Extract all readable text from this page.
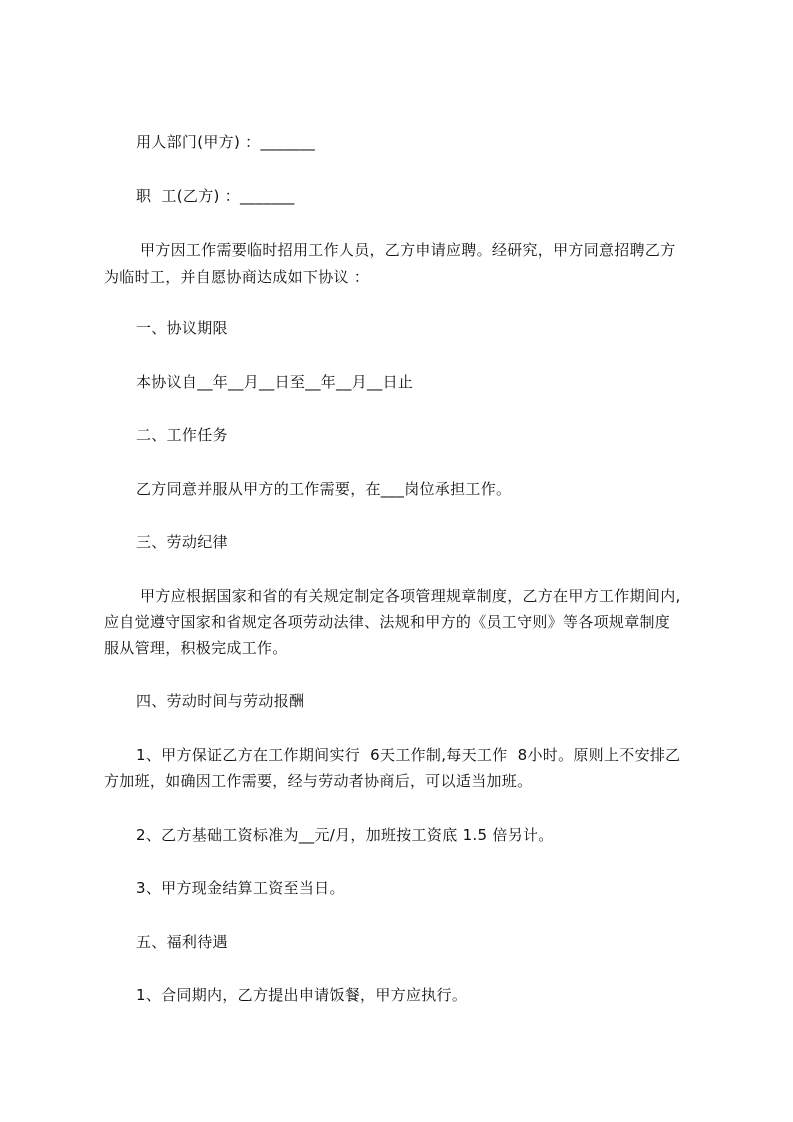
用人部门(甲方) ：_______
职  工(乙方) ：_______
甲方因工作需要临时招用工作人员，乙方申请应聘。经研究，甲方同意招聘乙方
为临时工，并自愿协商达成如下协议 ：
一、协议期限
本协议自__年__月__日至__年__月__日止
二、工作任务
乙方同意并服从甲方的工作需要，在___岗位承担工作。
三、劳动纪律
甲方应根据国家和省的有关规定制定各项管理规章制度，乙方在甲方工作期间内,
应自觉遵守国家和省规定各项劳动法律、法规和甲方的《员工守则》等各项规章制度
服从管理，积极完成工作。
四、劳动时间与劳动报酬
1、甲方保证乙方在工作期间实行  6天工作制,每天工作  8小时。原则上不安排乙
方加班，如确因工作需要，经与劳动者协商后，可以适当加班。
2、乙方基础工资标准为__元/月，加班按工资底 1.5 倍另计。
3、甲方现金结算工资至当日。
五、福利待遇
1、合同期内，乙方提出申请饭餐，甲方应执行。
